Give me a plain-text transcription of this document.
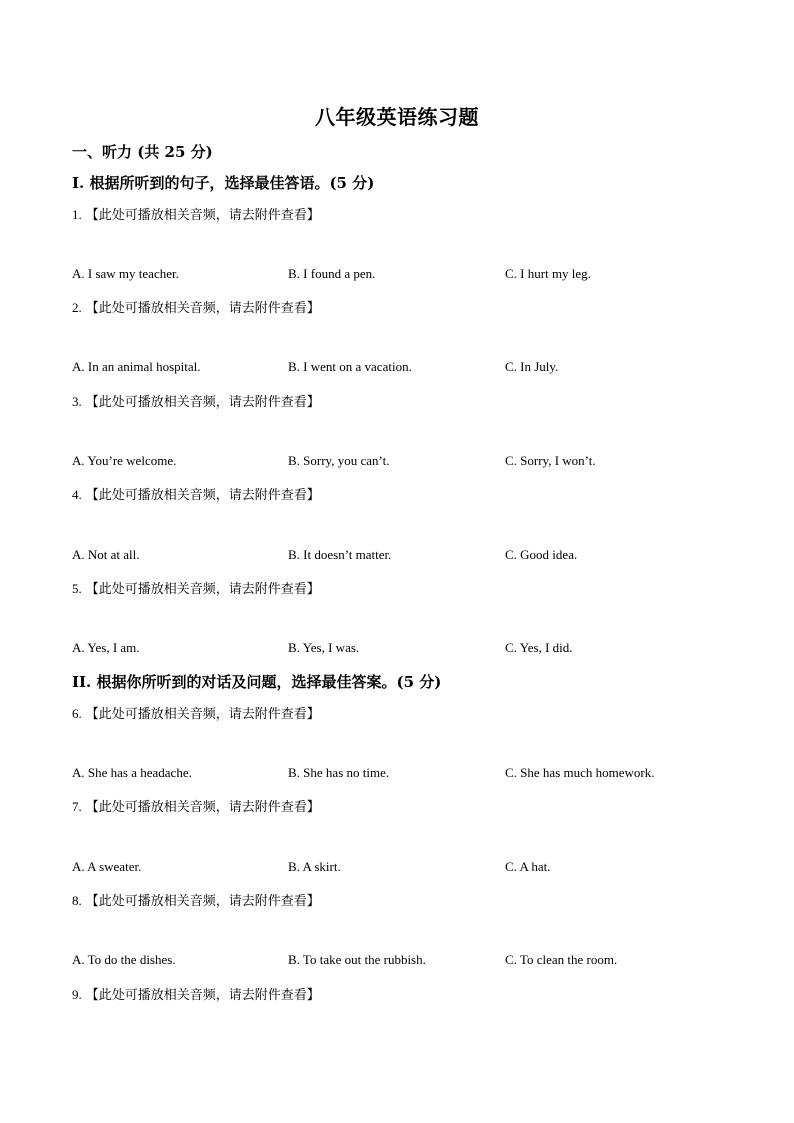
八年级英语练习题
一、听力 (共 25 分)
Ⅰ. 根据所听到的句子，选择最佳答语。(5 分)
1. 【此处可播放相关音频，请去附件查看】
A. I saw my teacher.	B. I found a pen.	C. I hurt my leg.
2. 【此处可播放相关音频，请去附件查看】
A. In an animal hospital.	B. I went on a vacation.	C. In July.
3. 【此处可播放相关音频，请去附件查看】
A. You’re welcome.	B. Sorry, you can’t.	C. Sorry, I won’t.
4. 【此处可播放相关音频，请去附件查看】
A. Not at all.	B. It doesn’t matter.	C. Good idea.
5. 【此处可播放相关音频，请去附件查看】
A. Yes, I am.	B. Yes, I was.	C. Yes, I did.
II. 根据你所听到的对话及问题，选择最佳答案。(5 分)
6. 【此处可播放相关音频，请去附件查看】
A. She has a headache.	B. She has no time.	C. She has much homework.
7. 【此处可播放相关音频，请去附件查看】
A. A sweater.	B. A skirt.	C. A hat.
8. 【此处可播放相关音频，请去附件查看】
A. To do the dishes.	B. To take out the rubbish.	C. To clean the room.
9. 【此处可播放相关音频，请去附件查看】
